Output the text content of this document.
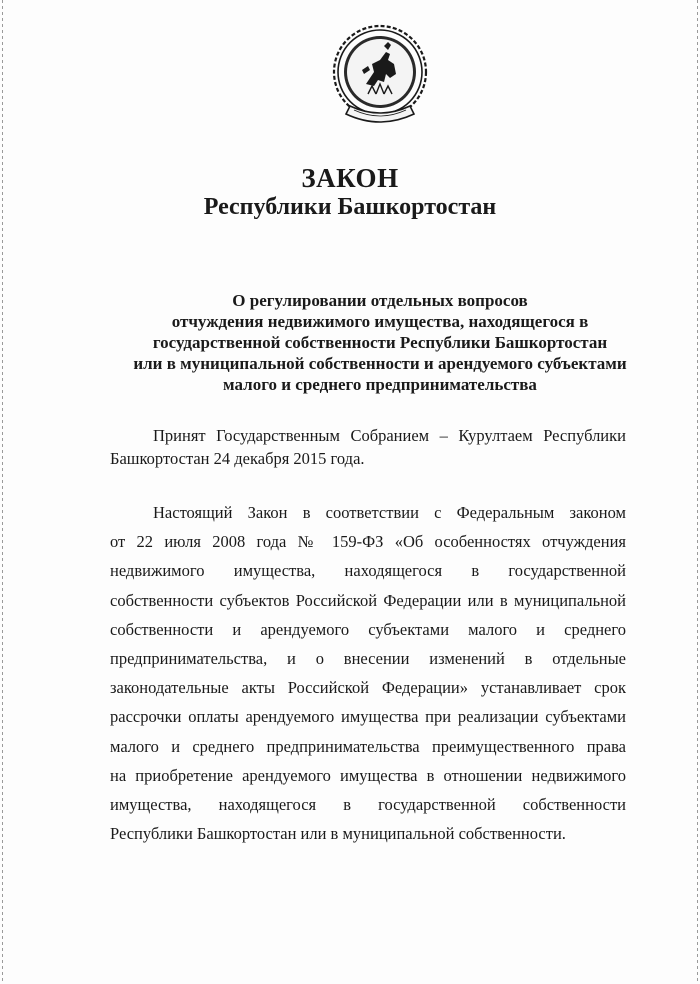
ЗАКОН
Республики Башкортостан
О регулировании отдельных вопросов
отчуждения недвижимого имущества, находящегося в
государственной собственности Республики Башкортостан
или в муниципальной собственности и арендуемого субъектами
малого и среднего предпринимательства
Принят Государственным Собранием – Курултаем Республики
Башкортостан 24 декабря 2015 года.
Настоящий Закон в соответствии с Федеральным законом
от 22 июля 2008 года № 159-ФЗ «Об особенностях отчуждения
недвижимого имущества, находящегося в государственной
собственности субъектов Российской Федерации или в муниципальной
собственности и арендуемого субъектами малого и среднего
предпринимательства, и о внесении изменений в отдельные
законодательные акты Российской Федерации» устанавливает срок
рассрочки оплаты арендуемого имущества при реализации субъектами
малого и среднего предпринимательства преимущественного права
на приобретение арендуемого имущества в отношении недвижимого
имущества, находящегося в государственной собственности
Республики Башкортостан или в муниципальной собственности.
